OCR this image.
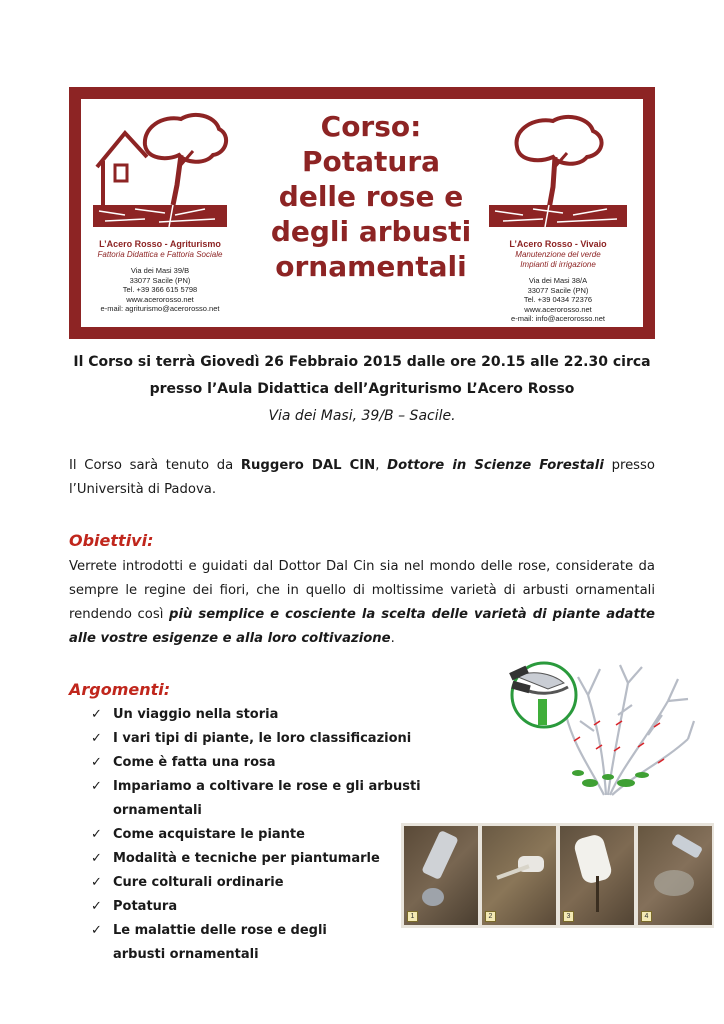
L’Acero Rosso - Agriturismo
Fattoria Didattica e Fattoria Sociale
Via dei Masi 39/B
33077 Sacile (PN)
Tel. +39 366 615 5798
www.acerorosso.net
e-mail: agriturismo@acerorosso.net
Corso:
Potatura
delle rose e
degli arbusti
ornamentali
L’Acero Rosso - Vivaio
Manutenzione del verde
Impianti di irrigazione
Via dei Masi 38/A
33077 Sacile (PN)
Tel. +39 0434 72376
www.acerorosso.net
e-mail: info@acerorosso.net
Il Corso si terrà Giovedì 26 Febbraio 2015 dalle ore 20.15 alle 22.30 circa
presso l’Aula Didattica dell’Agriturismo L’Acero Rosso
Via dei Masi, 39/B – Sacile.
Il Corso sarà tenuto da Ruggero DAL CIN, Dottore in Scienze Forestali presso l’Università di Padova.
Obiettivi:
Verrete introdotti e guidati dal Dottor Dal Cin sia nel mondo delle rose, considerate da sempre le regine dei fiori, che in quello di moltissime varietà di arbusti ornamentali rendendo così più semplice e cosciente la scelta delle varietà di piante adatte alle vostre esigenze e alla loro coltivazione.
Argomenti:
✓ Un viaggio nella storia
✓ I vari tipi di piante, le loro classificazioni
✓ Come è fatta una rosa
✓ Impariamo a coltivare le rose e gli arbusti ornamentali
✓ Come acquistare le piante
✓ Modalità e tecniche per piantumarle
✓ Cure colturali ordinarie
✓ Potatura
✓ Le malattie delle rose e degli arbusti ornamentali
1	2	3	4
